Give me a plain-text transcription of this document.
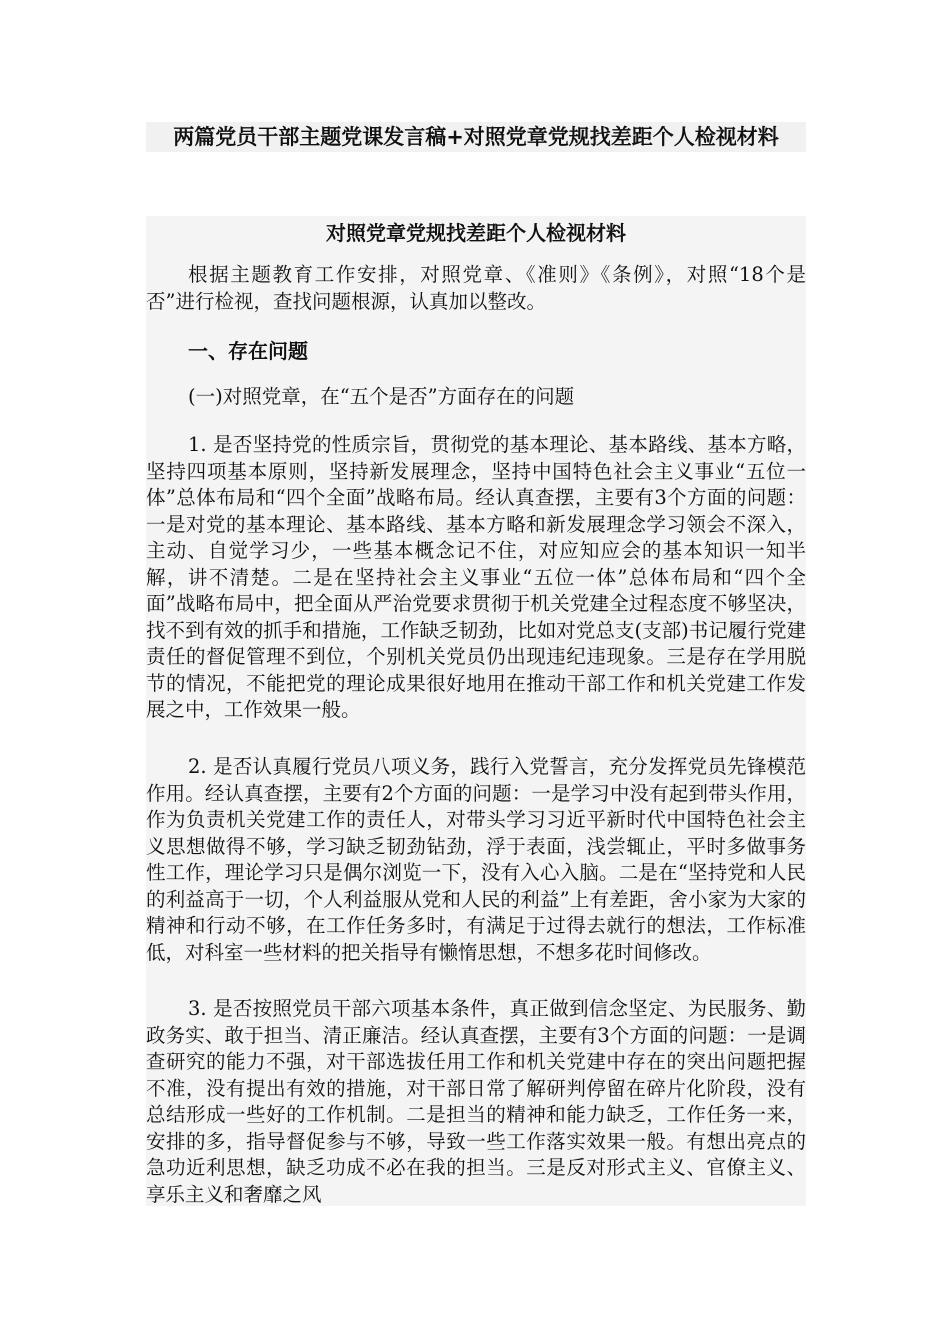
两篇党员干部主题党课发言稿+对照党章党规找差距个人检视材料
对照党章党规找差距个人检视材料

根据主题教育工作安排，对照党章、《准则》《条例》，对照“18个是否”进行检视，查找问题根源，认真加以整改。

一、存在问题

(一)对照党章，在“五个是否”方面存在的问题

1. 是否坚持党的性质宗旨，贯彻党的基本理论、基本路线、基本方略，坚持四项基本原则，坚持新发展理念，坚持中国特色社会主义事业“五位一体”总体布局和“四个全面”战略布局。经认真查摆，主要有3个方面的问题：一是对党的基本理论、基本路线、基本方略和新发展理念学习领会不深入，主动、自觉学习少，一些基本概念记不住，对应知应会的基本知识一知半解，讲不清楚。二是在坚持社会主义事业“五位一体”总体布局和“四个全面”战略布局中，把全面从严治党要求贯彻于机关党建全过程态度不够坚决，找不到有效的抓手和措施，工作缺乏韧劲，比如对党总支(支部)书记履行党建责任的督促管理不到位，个别机关党员仍出现违纪违现象。三是存在学用脱节的情况，不能把党的理论成果很好地用在推动干部工作和机关党建工作发展之中，工作效果一般。

2. 是否认真履行党员八项义务，践行入党誓言，充分发挥党员先锋模范作用。经认真查摆，主要有2个方面的问题：一是学习中没有起到带头作用，作为负责机关党建工作的责任人，对带头学习习近平新时代中国特色社会主义思想做得不够，学习缺乏韧劲钻劲，浮于表面，浅尝辄止，平时多做事务性工作，理论学习只是偶尔浏览一下，没有入心入脑。二是在“坚持党和人民的利益高于一切，个人利益服从党和人民的利益”上有差距，舍小家为大家的精神和行动不够，在工作任务多时，有满足于过得去就行的想法，工作标准低，对科室一些材料的把关指导有懒惰思想，不想多花时间修改。

3. 是否按照党员干部六项基本条件，真正做到信念坚定、为民服务、勤政务实、敢于担当、清正廉洁。经认真查摆，主要有3个方面的问题：一是调查研究的能力不强，对干部选拔任用工作和机关党建中存在的突出问题把握不准，没有提出有效的措施，对干部日常了解研判停留在碎片化阶段，没有总结形成一些好的工作机制。二是担当的精神和能力缺乏，工作任务一来，安排的多，指导督促参与不够，导致一些工作落实效果一般。有想出亮点的急功近利思想，缺乏功成不必在我的担当。三是反对形式主义、官僚主义、享乐主义和奢靡之风
